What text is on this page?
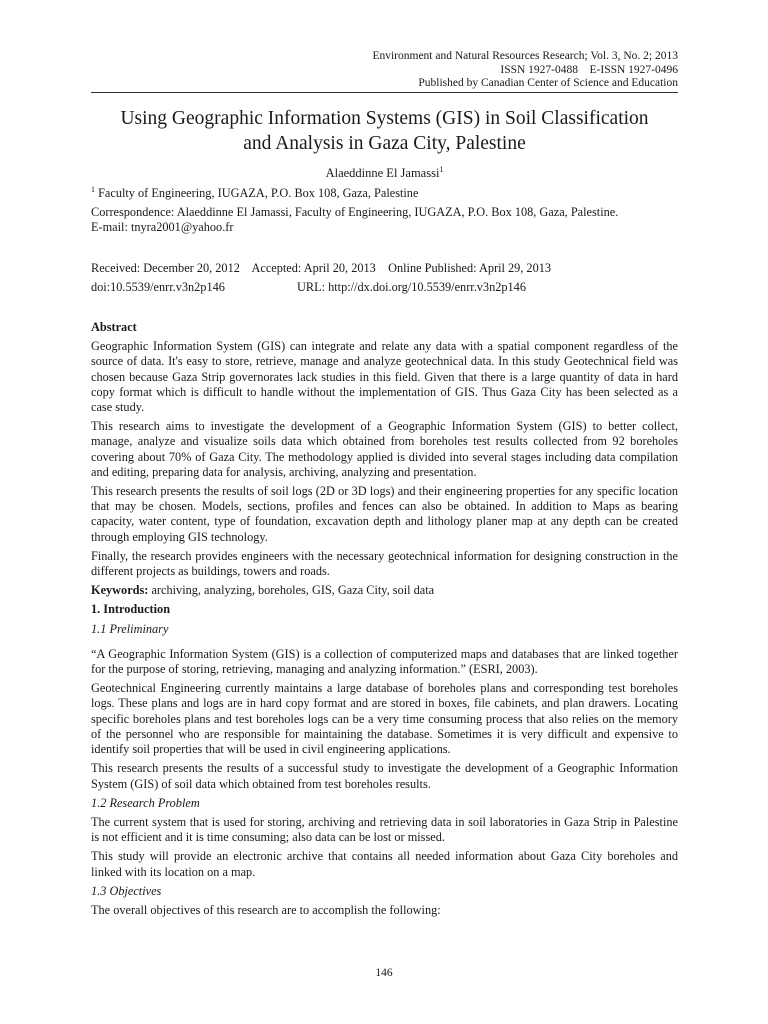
Environment and Natural Resources Research; Vol. 3, No. 2; 2013
ISSN 1927-0488    E-ISSN 1927-0496
Published by Canadian Center of Science and Education
Using Geographic Information Systems (GIS) in Soil Classification
and Analysis in Gaza City, Palestine
Alaeddinne El Jamassi$^1$

$^1$ Faculty of Engineering, IUGAZA, P.O. Box 108, Gaza, Palestine

Correspondence: Alaeddinne El Jamassi, Faculty of Engineering, IUGAZA, P.O. Box 108, Gaza, Palestine.

E-mail: tnyra2001@yahoo.fr

Received: December 20, 2012    Accepted: April 20, 2013    Online Published: April 29, 2013

doi:10.5539/enrr.v3n2p146	URL: http://dx.doi.org/10.5539/enrr.v3n2p146

Abstract

Geographic Information System (GIS) can integrate and relate any data with a spatial component regardless of the source of data. It's easy to store, retrieve, manage and analyze geotechnical data. In this study Geotechnical field was chosen because Gaza Strip governorates lack studies in this field. Given that there is a large quantity of data in hard copy format which is difficult to handle without the implementation of GIS. Thus Gaza City has been selected as a case study.

This research aims to investigate the development of a Geographic Information System (GIS) to better collect, manage, analyze and visualize soils data which obtained from boreholes test results collected from 92 boreholes covering about 70% of Gaza City. The methodology applied is divided into several stages including data compilation and editing, preparing data for analysis, archiving, analyzing and presentation.

This research presents the results of soil logs (2D or 3D logs) and their engineering properties for any specific location that may be chosen. Models, sections, profiles and fences can also be obtained. In addition to Maps as bearing capacity, water content, type of foundation, excavation depth and lithology planer map at any depth can be created through employing GIS technology.

Finally, the research provides engineers with the necessary geotechnical information for designing construction in the different projects as buildings, towers and roads.

Keywords: archiving, analyzing, boreholes, GIS, Gaza City, soil data

1. Introduction

1.1 Preliminary

“A Geographic Information System (GIS) is a collection of computerized maps and databases that are linked together for the purpose of storing, retrieving, managing and analyzing information.” (ESRI, 2003).

Geotechnical Engineering currently maintains a large database of boreholes plans and corresponding test boreholes logs. These plans and logs are in hard copy format and are stored in boxes, file cabinets, and plan drawers. Locating specific boreholes plans and test boreholes logs can be a very time consuming process that also relies on the memory of the personnel who are responsible for maintaining the database. Sometimes it is very difficult and expensive to identify soil properties that will be used in civil engineering applications.

This research presents the results of a successful study to investigate the development of a Geographic Information System (GIS) of soil data which obtained from test boreholes results.

1.2 Research Problem

The current system that is used for storing, archiving and retrieving data in soil laboratories in Gaza Strip in Palestine is not efficient and it is time consuming; also data can be lost or missed.

This study will provide an electronic archive that contains all needed information about Gaza City boreholes and linked with its location on a map.

1.3 Objectives

The overall objectives of this research are to accomplish the following:

146
